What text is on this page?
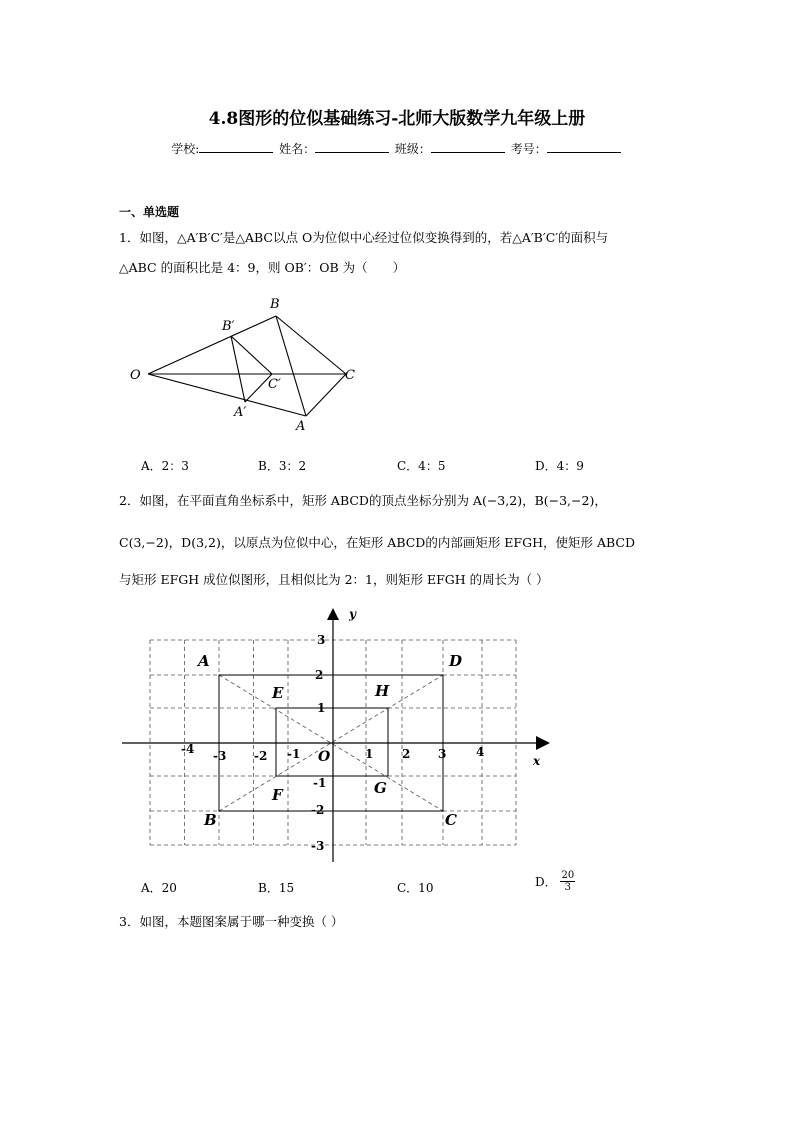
4.8图形的位似基础练习-北师大版数学九年级上册
学校:	姓名：	班级：	考号：
一、单选题
1．如图，△A′B′C′是△ABC以点 O为位似中心经过位似变换得到的，若△A′B′C′的面积与
△ABC 的面积比是 4：9，则 OB′：OB 为（　　）
O
B
B′
C
C′
A′
A
A．2：3	B．3：2	C．4：5	D．4：9
2．如图，在平面直角坐标系中，矩形 ABCD的顶点坐标分别为 A(−3,2)，B(−3,−2)，
C(3,−2)，D(3,2)，以原点为位似中心，在矩形 ABCD的内部画矩形 EFGH，使矩形 ABCD
与矩形 EFGH 成位似图形，且相似比为 2：1，则矩形 EFGH 的周长为（ ）
y
x
O
-4 -3 -2 -1	1 2 3 4
3
2
1
-1
-2
-3
A
B	C
D
E
F	G
H
A．20	B．15	C．10	D． $\frac{20}{3}$
3．如图，本题图案属于哪一种变换（ ）
